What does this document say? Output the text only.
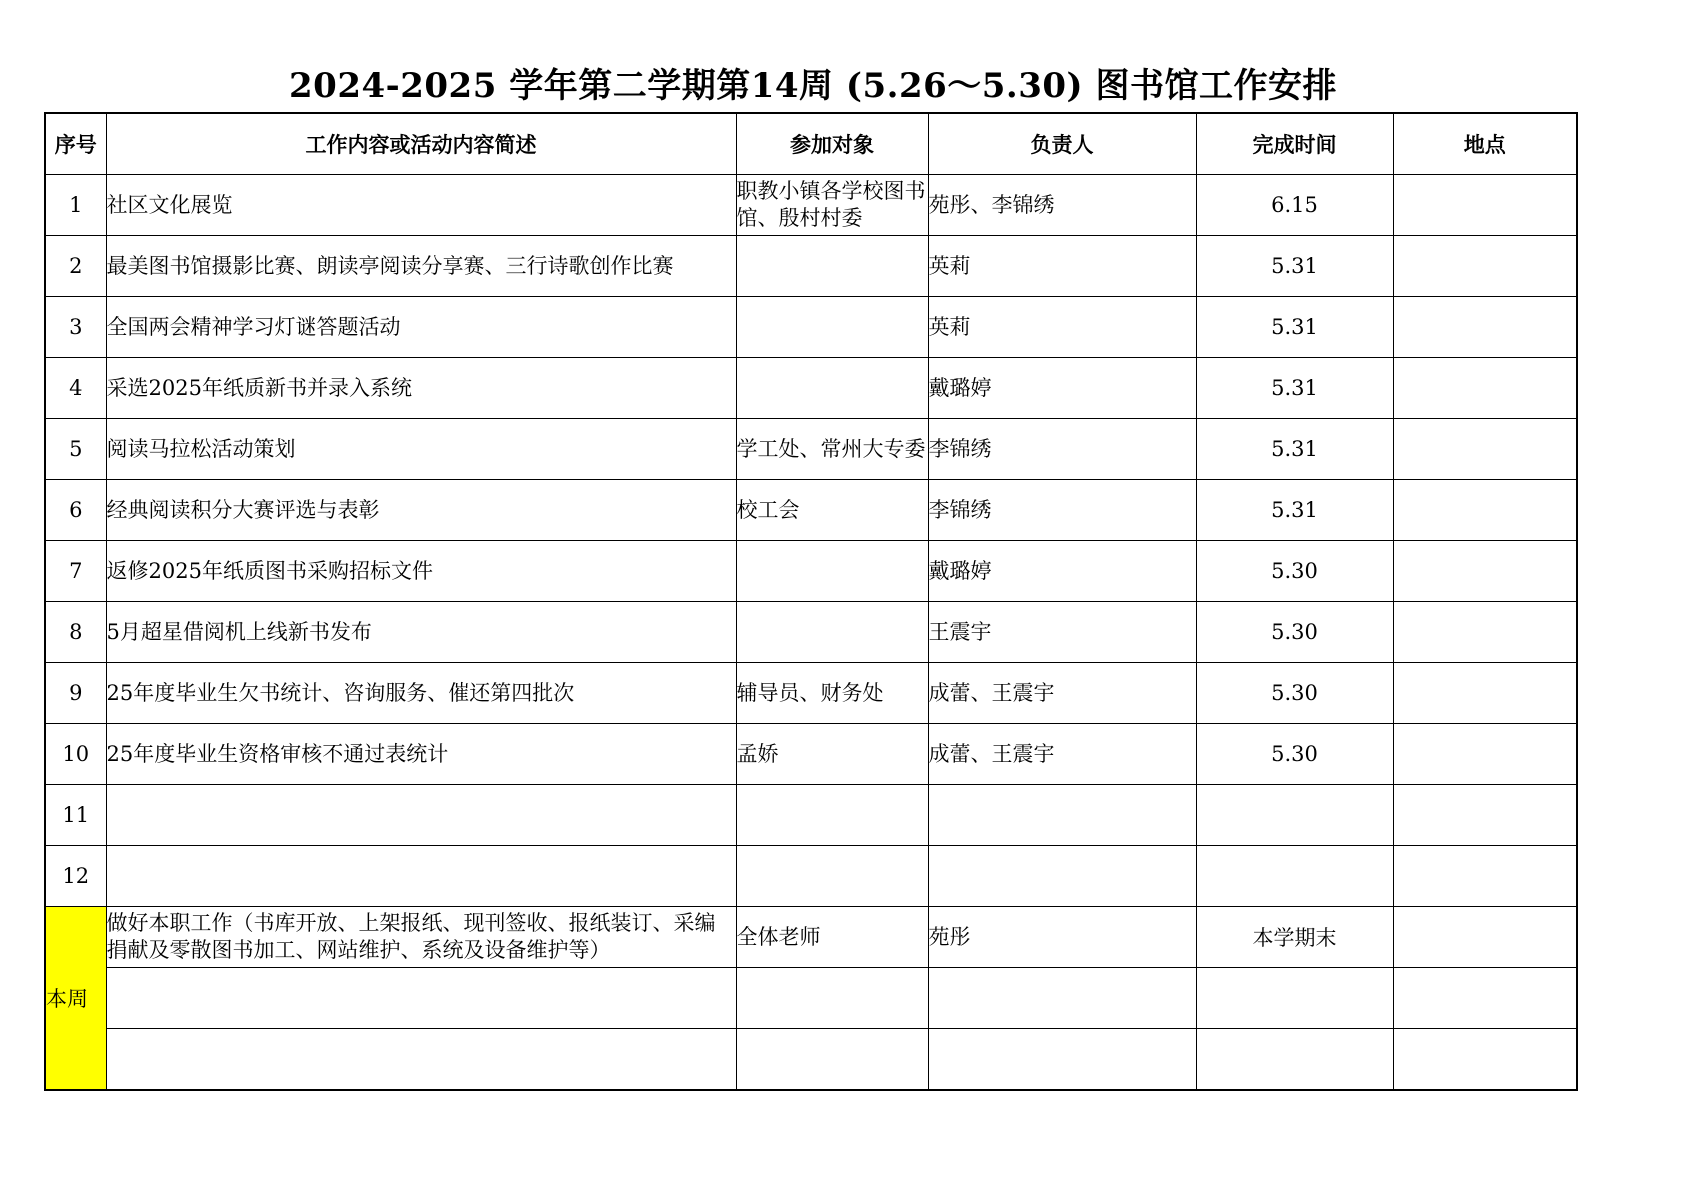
2024-2025 学年第二学期第14周 (5.26～5.30) 图书馆工作安排
序号	工作内容或活动内容简述	参加对象	负责人	完成时间	地点
1	社区文化展览	职教小镇各学校图书馆、殷村村委	苑彤、李锦绣	6.15	
2	最美图书馆摄影比赛、朗读亭阅读分享赛、三行诗歌创作比赛		英莉	5.31	
3	全国两会精神学习灯谜答题活动		英莉	5.31	
4	采选2025年纸质新书并录入系统		戴璐婷	5.31	
5	阅读马拉松活动策划	学工处、常州大专委	李锦绣	5.31	
6	经典阅读积分大赛评选与表彰	校工会	李锦绣	5.31	
7	返修2025年纸质图书采购招标文件		戴璐婷	5.30	
8	5月超星借阅机上线新书发布		王震宇	5.30	
9	25年度毕业生欠书统计、咨询服务、催还第四批次	辅导员、财务处	成蕾、王震宇	5.30	
10	25年度毕业生资格审核不通过表统计	孟娇	成蕾、王震宇	5.30	
11					
12					
本周	做好本职工作（书库开放、上架报纸、现刊签收、报纸装订、采编捐献及零散图书加工、网站维护、系统及设备维护等）	全体老师	苑彤	本学期末	
